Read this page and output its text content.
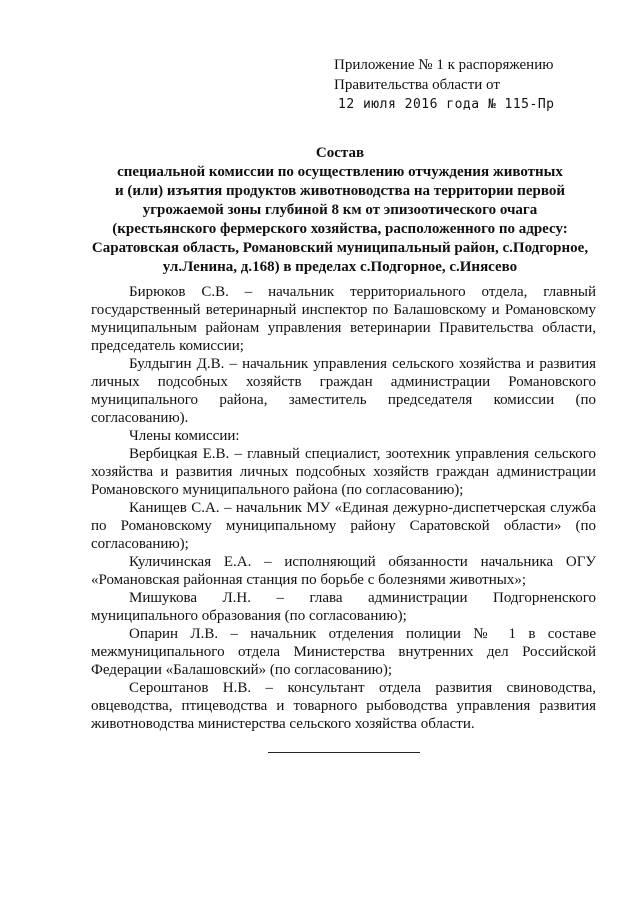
Приложение № 1 к распоряжению
Правительства области от
12 июля 2016 года № 115-Пр
Состав
специальной комиссии по осуществлению отчуждения животных
и (или) изъятия продуктов животноводства на территории первой
угрожаемой зоны глубиной 8 км от эпизоотического очага
(крестьянского фермерского хозяйства, расположенного по адресу:
Саратовская область, Романовский муниципальный район, с.Подгорное,
ул.Ленина, д.168) в пределах с.Подгорное, с.Инясево

Бирюков С.В. – начальник территориального отдела, главный государственный ветеринарный инспектор по Балашовскому и Романовскому муниципальным районам управления ветеринарии Правительства области, председатель комиссии;

Булдыгин Д.В. – начальник управления сельского хозяйства и развития личных подсобных хозяйств граждан администрации Романовского муниципального района, заместитель председателя комиссии (по согласованию).

Члены комиссии:

Вербицкая Е.В. – главный специалист, зоотехник управления сельского хозяйства и развития личных подсобных хозяйств граждан администрации Романовского муниципального района (по согласованию);

Канищев С.А. – начальник МУ «Единая дежурно-диспетчерская служба по Романовскому муниципальному району Саратовской области» (по согласованию);

Куличинская Е.А. – исполняющий обязанности начальника ОГУ «Романовская районная станция по борьбе с болезнями животных»;

Мишукова Л.Н. – глава администрации Подгорненского муниципального образования (по согласованию);

Опарин Л.В. – начальник отделения полиции № 1 в составе межмуниципального отдела Министерства внутренних дел Российской Федерации «Балашовский» (по согласованию);

Сероштанов Н.В. – консультант отдела развития свиноводства, овцеводства, птицеводства и товарного рыбоводства управления развития животноводства министерства сельского хозяйства области.
